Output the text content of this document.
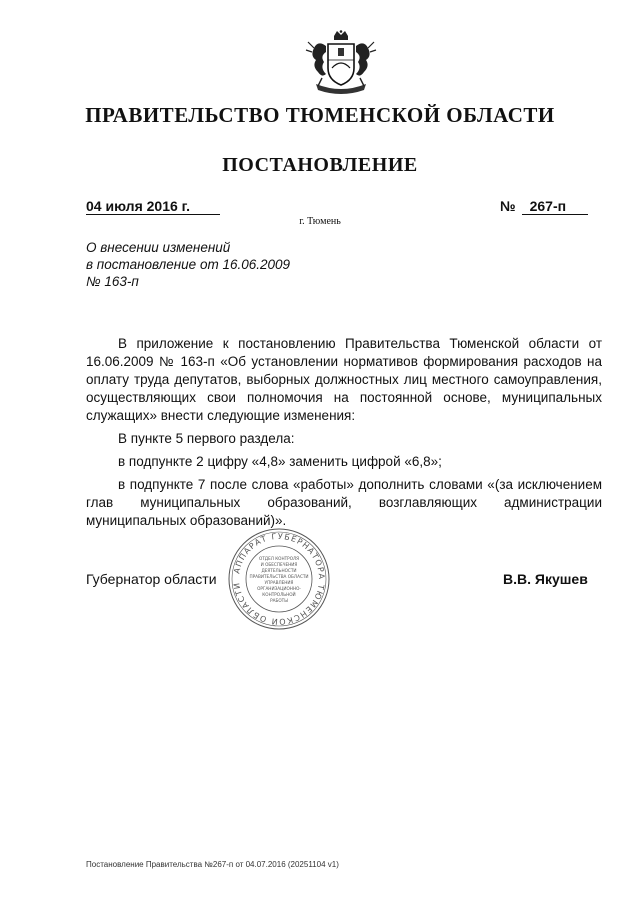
ПРАВИТЕЛЬСТВО ТЮМЕНСКОЙ ОБЛАСТИ
ПОСТАНОВЛЕНИЕ
04 июля 2016 г.	№ 267-п
г. Тюмень
О внесении изменений
в постановление от 16.06.2009
№ 163-п

В приложение к постановлению Правительства Тюменской области от 16.06.2009 № 163-п «Об установлении нормативов формирования расходов на оплату труда депутатов, выборных должностных лиц местного самоуправления, осуществляющих свои полномочия на постоянной основе, муниципальных служащих» внести следующие изменения:

В пункте 5 первого раздела:

в подпункте 2 цифру «4,8» заменить цифрой «6,8»;

в подпункте 7 после слова «работы» дополнить словами «(за исключением глав муниципальных образований, возглавляющих администрации муниципальных образований)».

АППАРАТ ГУБЕРНАТОРА ТЮМЕНСКОЙ ОБЛАСТИ
ОТДЕЛ КОНТРОЛЯ
И ОБЕСПЕЧЕНИЯ
ДЕЯТЕЛЬНОСТИ
ПРАВИТЕЛЬСТВА ОБЛАСТИ
УПРАВЛЕНИЯ
ОРГАНИЗАЦИОННО-
КОНТРОЛЬНОЙ
РАБОТЫ
Губернатор области	В.В. Якушев
Постановление Правительства №267-п от 04.07.2016 (20251104 v1)
